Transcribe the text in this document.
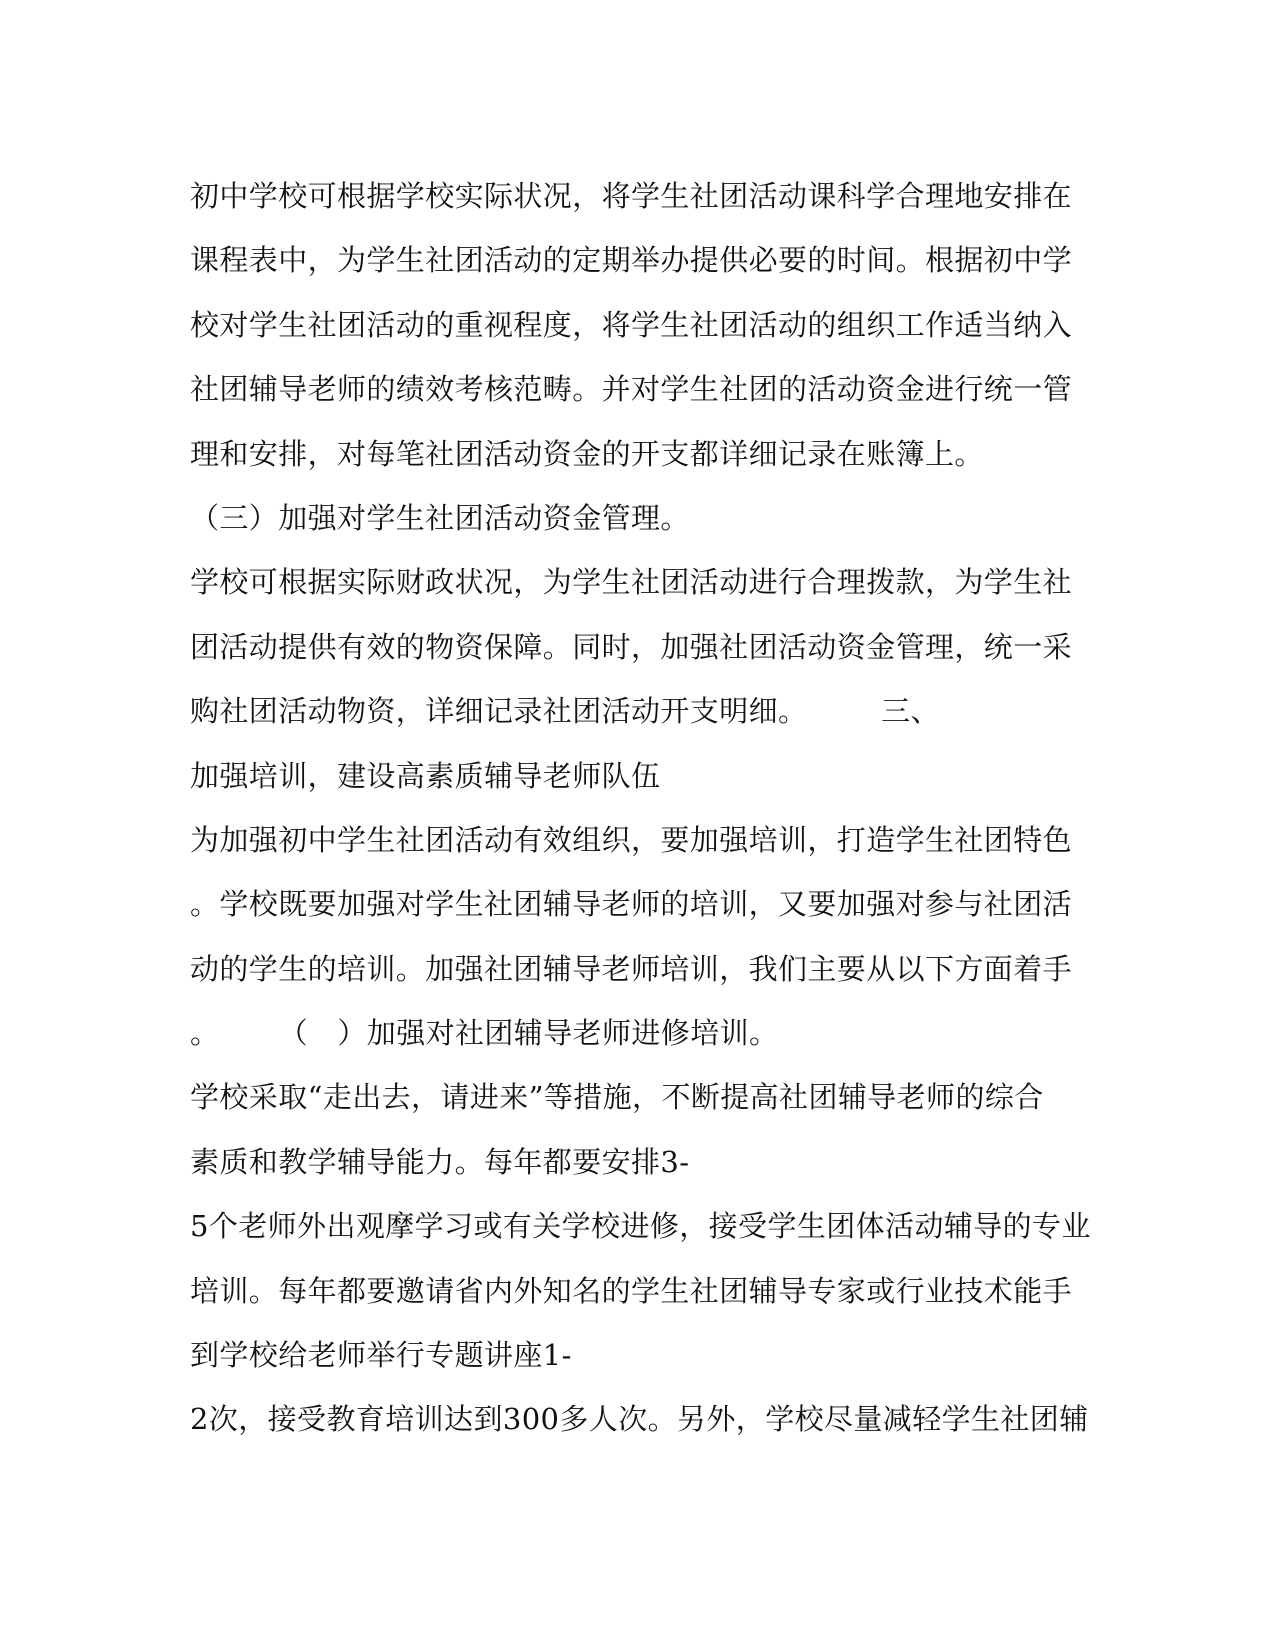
初中学校可根据学校实际状况，将学生社团活动课科学合理地安排在
课程表中，为学生社团活动的定期举办提供必要的时间。根据初中学
校对学生社团活动的重视程度，将学生社团活动的组织工作适当纳入
社团辅导老师的绩效考核范畴。并对学生社团的活动资金进行统一管
理和安排，对每笔社团活动资金的开支都详细记录在账簿上。
（三）加强对学生社团活动资金管理。
学校可根据实际财政状况，为学生社团活动进行合理拨款，为学生社
团活动提供有效的物资保障。同时，加强社团活动资金管理，统一采
购社团活动物资，详细记录社团活动开支明细。　　　三、
加强培训，建设高素质辅导老师队伍
为加强初中学生社团活动有效组织，要加强培训，打造学生社团特色
。学校既要加强对学生社团辅导老师的培训，又要加强对参与社团活
动的学生的培训。加强社团辅导老师培训，我们主要从以下方面着手
。　　　（　）加强对社团辅导老师进修培训。
学校采取“走出去，请进来”等措施，不断提高社团辅导老师的综合
素质和教学辅导能力。每年都要安排3-
5个老师外出观摩学习或有关学校进修，接受学生团体活动辅导的专业
培训。每年都要邀请省内外知名的学生社团辅导专家或行业技术能手
到学校给老师举行专题讲座1-
2次，接受教育培训达到300多人次。另外，学校尽量减轻学生社团辅
